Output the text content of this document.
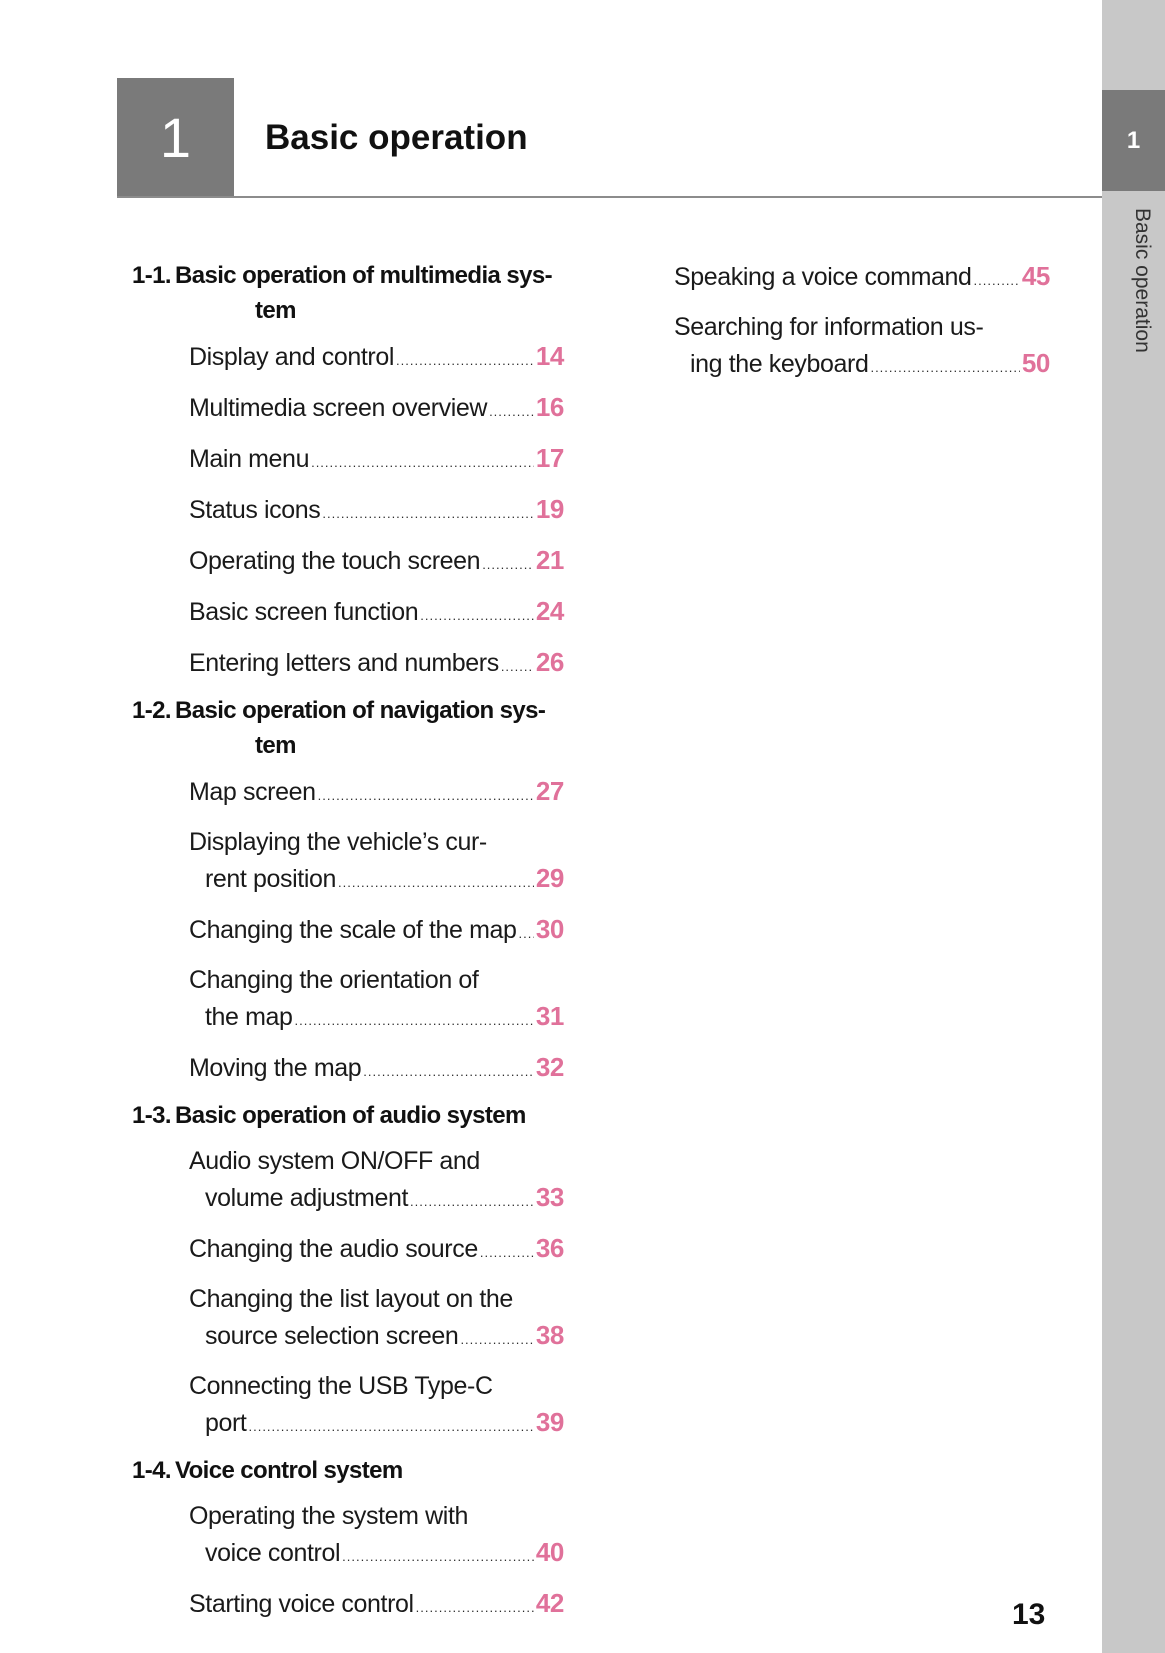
1
Basic operation
1 Basic operation
1-1. Basic operation of multimedia sys-
tem
Display and control .....	14
Multimedia screen overview ..... 16
Main menu .....	17
Status icons .....	19
Operating the touch screen ..... 21
Basic screen function .....	24
Entering letters and numbers ..... 26
1-2. Basic operation of navigation sys-
tem
Map screen .....	27
Displaying the vehicle’s cur-
rent position .....	29
Changing the scale of the map ..... 30
Changing the orientation of
the map .....	31
Moving the map .....	32
1-3. Basic operation of audio system
Audio system ON/OFF and
volume adjustment .....	33
Changing the audio source ..... 36
Changing the list layout on the
source selection screen .....	38
Connecting the USB Type-C
port .....	39
1-4. Voice control system
Operating the system with
voice control .....	40
Starting voice control .....	42
Speaking a voice command ..... 45
Searching for information us-
ing the keyboard .....	50
13
